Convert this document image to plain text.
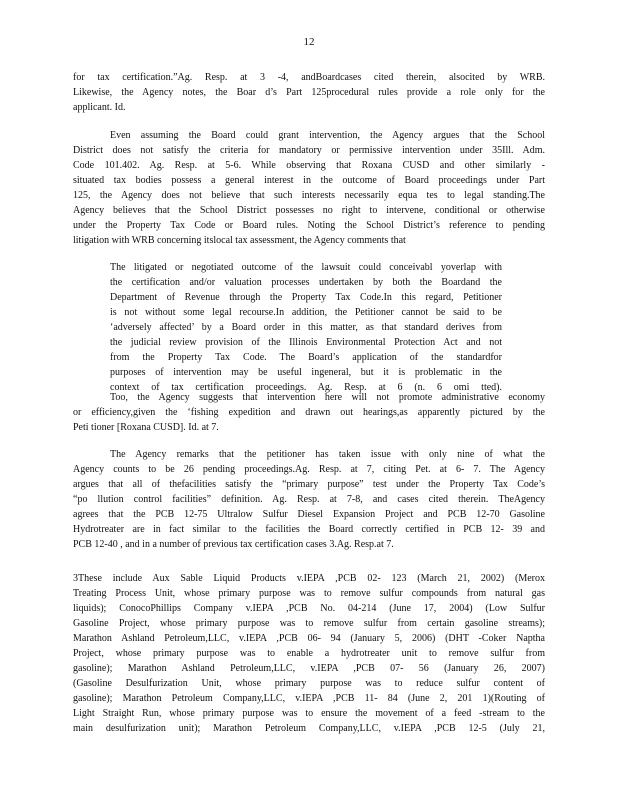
12
for tax certification.”Ag. Resp. at 3 -4, andBoardcases cited therein, alsocited by WRB.
Likewise, the Agency notes, the Boar d’s Part 125procedural rules provide a role only for the
applicant. Id.
Even assuming the Board could grant intervention, the Agency argues that the School
District does not satisfy the criteria for mandatory or permissive intervention under 35Ill. Adm.
Code 101.402. Ag. Resp. at 5-6. While observing that Roxana CUSD and other similarly -
situated tax bodies possess a general interest in the outcome of Board proceedings under Part
125, the Agency does not believe that such interests necessarily equa tes to legal standing.The
Agency believes that the School District possesses no right to intervene, conditional or otherwise
under the Property Tax Code or Board rules. Noting the School District’s reference to pending
litigation with WRB concerning itslocal tax assessment, the Agency comments that
The litigated or negotiated outcome of the lawsuit could conceivabl yoverlap with
the certification and/or valuation processes undertaken by both the Boardand the
Department of Revenue through the Property Tax Code.In this regard, Petitioner
is not without some legal recourse.In addition, the Petitioner cannot be said to be
‘adversely affected’ by a Board order in this matter, as that standard derives from
the judicial review provision of the Illinois Environmental Protection Act and not
from the Property Tax Code. The Board’s application of the standardfor
purposes of intervention may be useful ingeneral, but it is problematic in the
context of tax certification proceedings. Ag. Resp. at 6 (n. 6 omi tted).
Too, the Agency suggests that intervention here will not promote administrative economy
or efficiency,given the ‘fishing expedition and drawn out hearings,as apparently pictured by the
Peti tioner [Roxana CUSD]. Id. at 7.
The Agency remarks that the petitioner has taken issue with only nine of what the
Agency counts to be 26 pending proceedings.Ag. Resp. at 7, citing Pet. at 6- 7. The Agency
argues that all of thefacilities satisfy the “primary purpose” test under the Property Tax Code’s
“po llution control facilities” definition. Ag. Resp. at 7-8, and cases cited therein. TheAgency
agrees that the PCB 12-75 Ultralow Sulfur Diesel Expansion Project and PCB 12-70 Gasoline
Hydrotreater are in fact similar to the facilities the Board correctly certified in PCB 12- 39 and
PCB 12-40 , and in a number of previous tax certification cases 3.Ag. Resp.at 7.
3These include Aux Sable Liquid Products v.IEPA ,PCB 02- 123 (March 21, 2002) (Merox
Treating Process Unit, whose primary purpose was to remove sulfur compounds from natural gas
liquids); ConocoPhillips Company v.IEPA ,PCB No. 04-214 (June 17, 2004) (Low Sulfur
Gasoline Project, whose primary purpose was to remove sulfur from certain gasoline streams);
Marathon Ashland Petroleum,LLC, v.IEPA ,PCB 06- 94 (January 5, 2006) (DHT -Coker Naptha
Project, whose primary purpose was to enable a hydrotreater unit to remove sulfur from
gasoline); Marathon Ashland Petroleum,LLC, v.IEPA ,PCB 07- 56 (January 26, 2007)
(Gasoline Desulfurization Unit, whose primary purpose was to reduce sulfur content of
gasoline); Marathon Petroleum Company,LLC, v.IEPA ,PCB 11- 84 (June 2, 201 1)(Routing of
Light Straight Run, whose primary purpose was to ensure the movement of a feed -stream to the
main desulfurization unit); Marathon Petroleum Company,LLC, v.IEPA ,PCB 12-5 (July 21,
